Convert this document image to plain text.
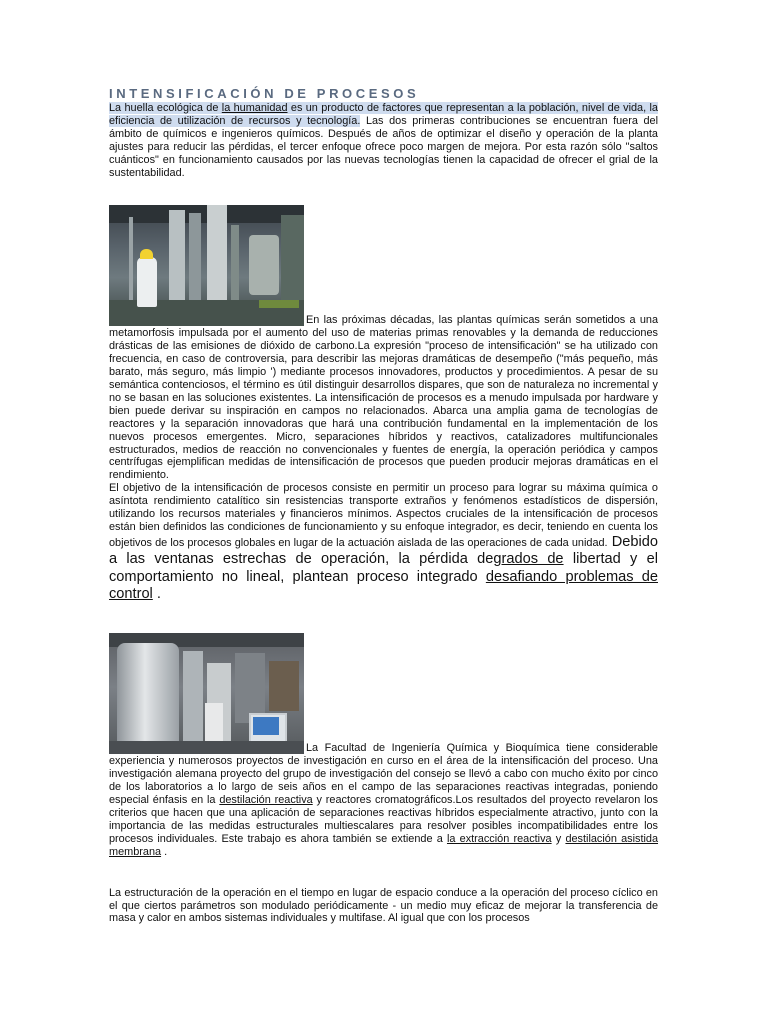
INTENSIFICACIÓN DE PROCESOS

La huella ecológica de la humanidad es un producto de factores que representan a la población, nivel de vida, la eficiencia de utilización de recursos y tecnología. Las dos primeras contribuciones se encuentran fuera del ámbito de químicos e ingenieros químicos. Después de años de optimizar el diseño y operación de la planta ajustes para reducir las pérdidas, el tercer enfoque ofrece poco margen de mejora. Por esta razón sólo "saltos cuánticos" en funcionamiento causados por las nuevas tecnologías tienen la capacidad de ofrecer el grial de la sustentabilidad.

En las próximas décadas, las plantas químicas serán sometidos a una metamorfosis impulsada por el aumento del uso de materias primas renovables y la demanda de reducciones drásticas de las emisiones de dióxido de carbono.La expresión "proceso de intensificación" se ha utilizado con frecuencia, en caso de controversia, para describir las mejoras dramáticas de desempeño ("más pequeño, más barato, más seguro, más limpio ') mediante procesos innovadores, productos y procedimientos. A pesar de su semántica contenciosos, el término es útil distinguir desarrollos dispares, que son de naturaleza no incremental y no se basan en las soluciones existentes. La intensificación de procesos es a menudo impulsada por hardware y bien puede derivar su inspiración en campos no relacionados. Abarca una amplia gama de tecnologías de reactores y la separación innovadoras que hará una contribución fundamental en la implementación de los nuevos procesos emergentes. Micro, separaciones híbridos y reactivos, catalizadores multifuncionales estructurados, medios de reacción no convencionales y fuentes de energía, la operación periódica y campos centrífugas ejemplifican medidas de intensificación de procesos que pueden producir mejoras dramáticas en el rendimiento.

El objetivo de la intensificación de procesos consiste en permitir un proceso para lograr su máxima química o asíntota rendimiento catalítico sin resistencias transporte extraños y fenómenos estadísticos de dispersión, utilizando los recursos materiales y financieros mínimos. Aspectos cruciales de la intensificación de procesos están bien definidos las condiciones de funcionamiento y su enfoque integrador, es decir, teniendo en cuenta los objetivos de los procesos globales en lugar de la actuación aislada de las operaciones de cada unidad. Debido a las ventanas estrechas de operación, la pérdida degrados de libertad y el comportamiento no lineal, plantean proceso integrado desafiando problemas de control .

La Facultad de Ingeniería Química y Bioquímica tiene considerable experiencia y numerosos proyectos de investigación en curso en el área de la intensificación del proceso. Una investigación alemana proyecto del grupo de investigación del consejo se llevó a cabo con mucho éxito por cinco de los laboratorios a lo largo de seis años en el campo de las separaciones reactivas integradas, poniendo especial énfasis en la destilación reactiva y reactores cromatográficos.Los resultados del proyecto revelaron los criterios que hacen que una aplicación de separaciones reactivas híbridos especialmente atractivo, junto con la importancia de las medidas estructurales multiescalares para resolver posibles incompatibilidades entre los procesos individuales. Este trabajo es ahora también se extiende a la extracción reactiva y destilación asistida membrana .

La estructuración de la operación en el tiempo en lugar de espacio conduce a la operación del proceso cíclico en el que ciertos parámetros son modulado periódicamente - un medio muy eficaz de mejorar la transferencia de masa y calor en ambos sistemas individuales y multifase. Al igual que con los procesos
